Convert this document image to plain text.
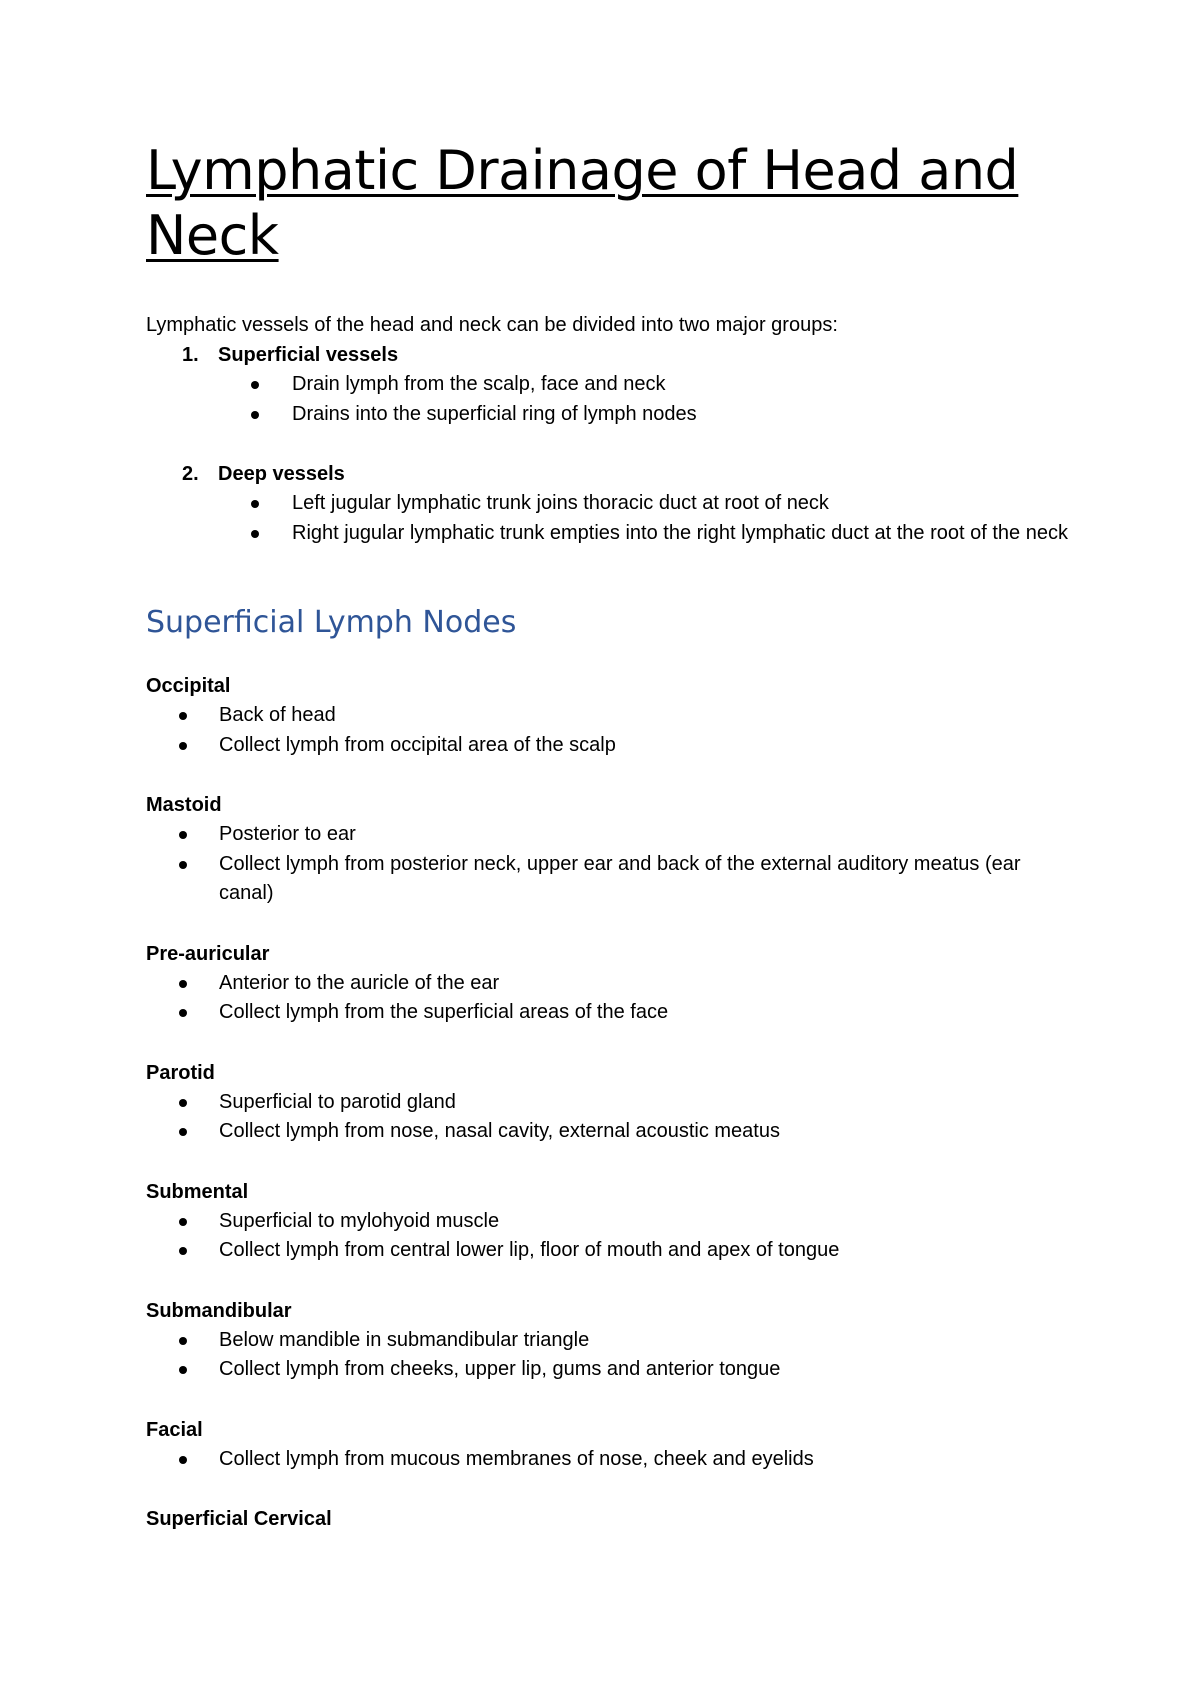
Lymphatic Drainage of Head and Neck
Lymphatic vessels of the head and neck can be divided into two major groups:
1. Superficial vessels
Drain lymph from the scalp, face and neck
Drains into the superficial ring of lymph nodes
2. Deep vessels
Left jugular lymphatic trunk joins thoracic duct at root of neck
Right jugular lymphatic trunk empties into the right lymphatic duct at the root of the neck
Superficial Lymph Nodes
Occipital
Back of head
Collect lymph from occipital area of the scalp
Mastoid
Posterior to ear
Collect lymph from posterior neck, upper ear and back of the external auditory meatus (ear canal)
Pre-auricular
Anterior to the auricle of the ear
Collect lymph from the superficial areas of the face
Parotid
Superficial to parotid gland
Collect lymph from nose, nasal cavity, external acoustic meatus
Submental
Superficial to mylohyoid muscle
Collect lymph from central lower lip, floor of mouth and apex of tongue
Submandibular
Below mandible in submandibular triangle
Collect lymph from cheeks, upper lip, gums and anterior tongue
Facial
Collect lymph from mucous membranes of nose, cheek and eyelids
Superficial Cervical
